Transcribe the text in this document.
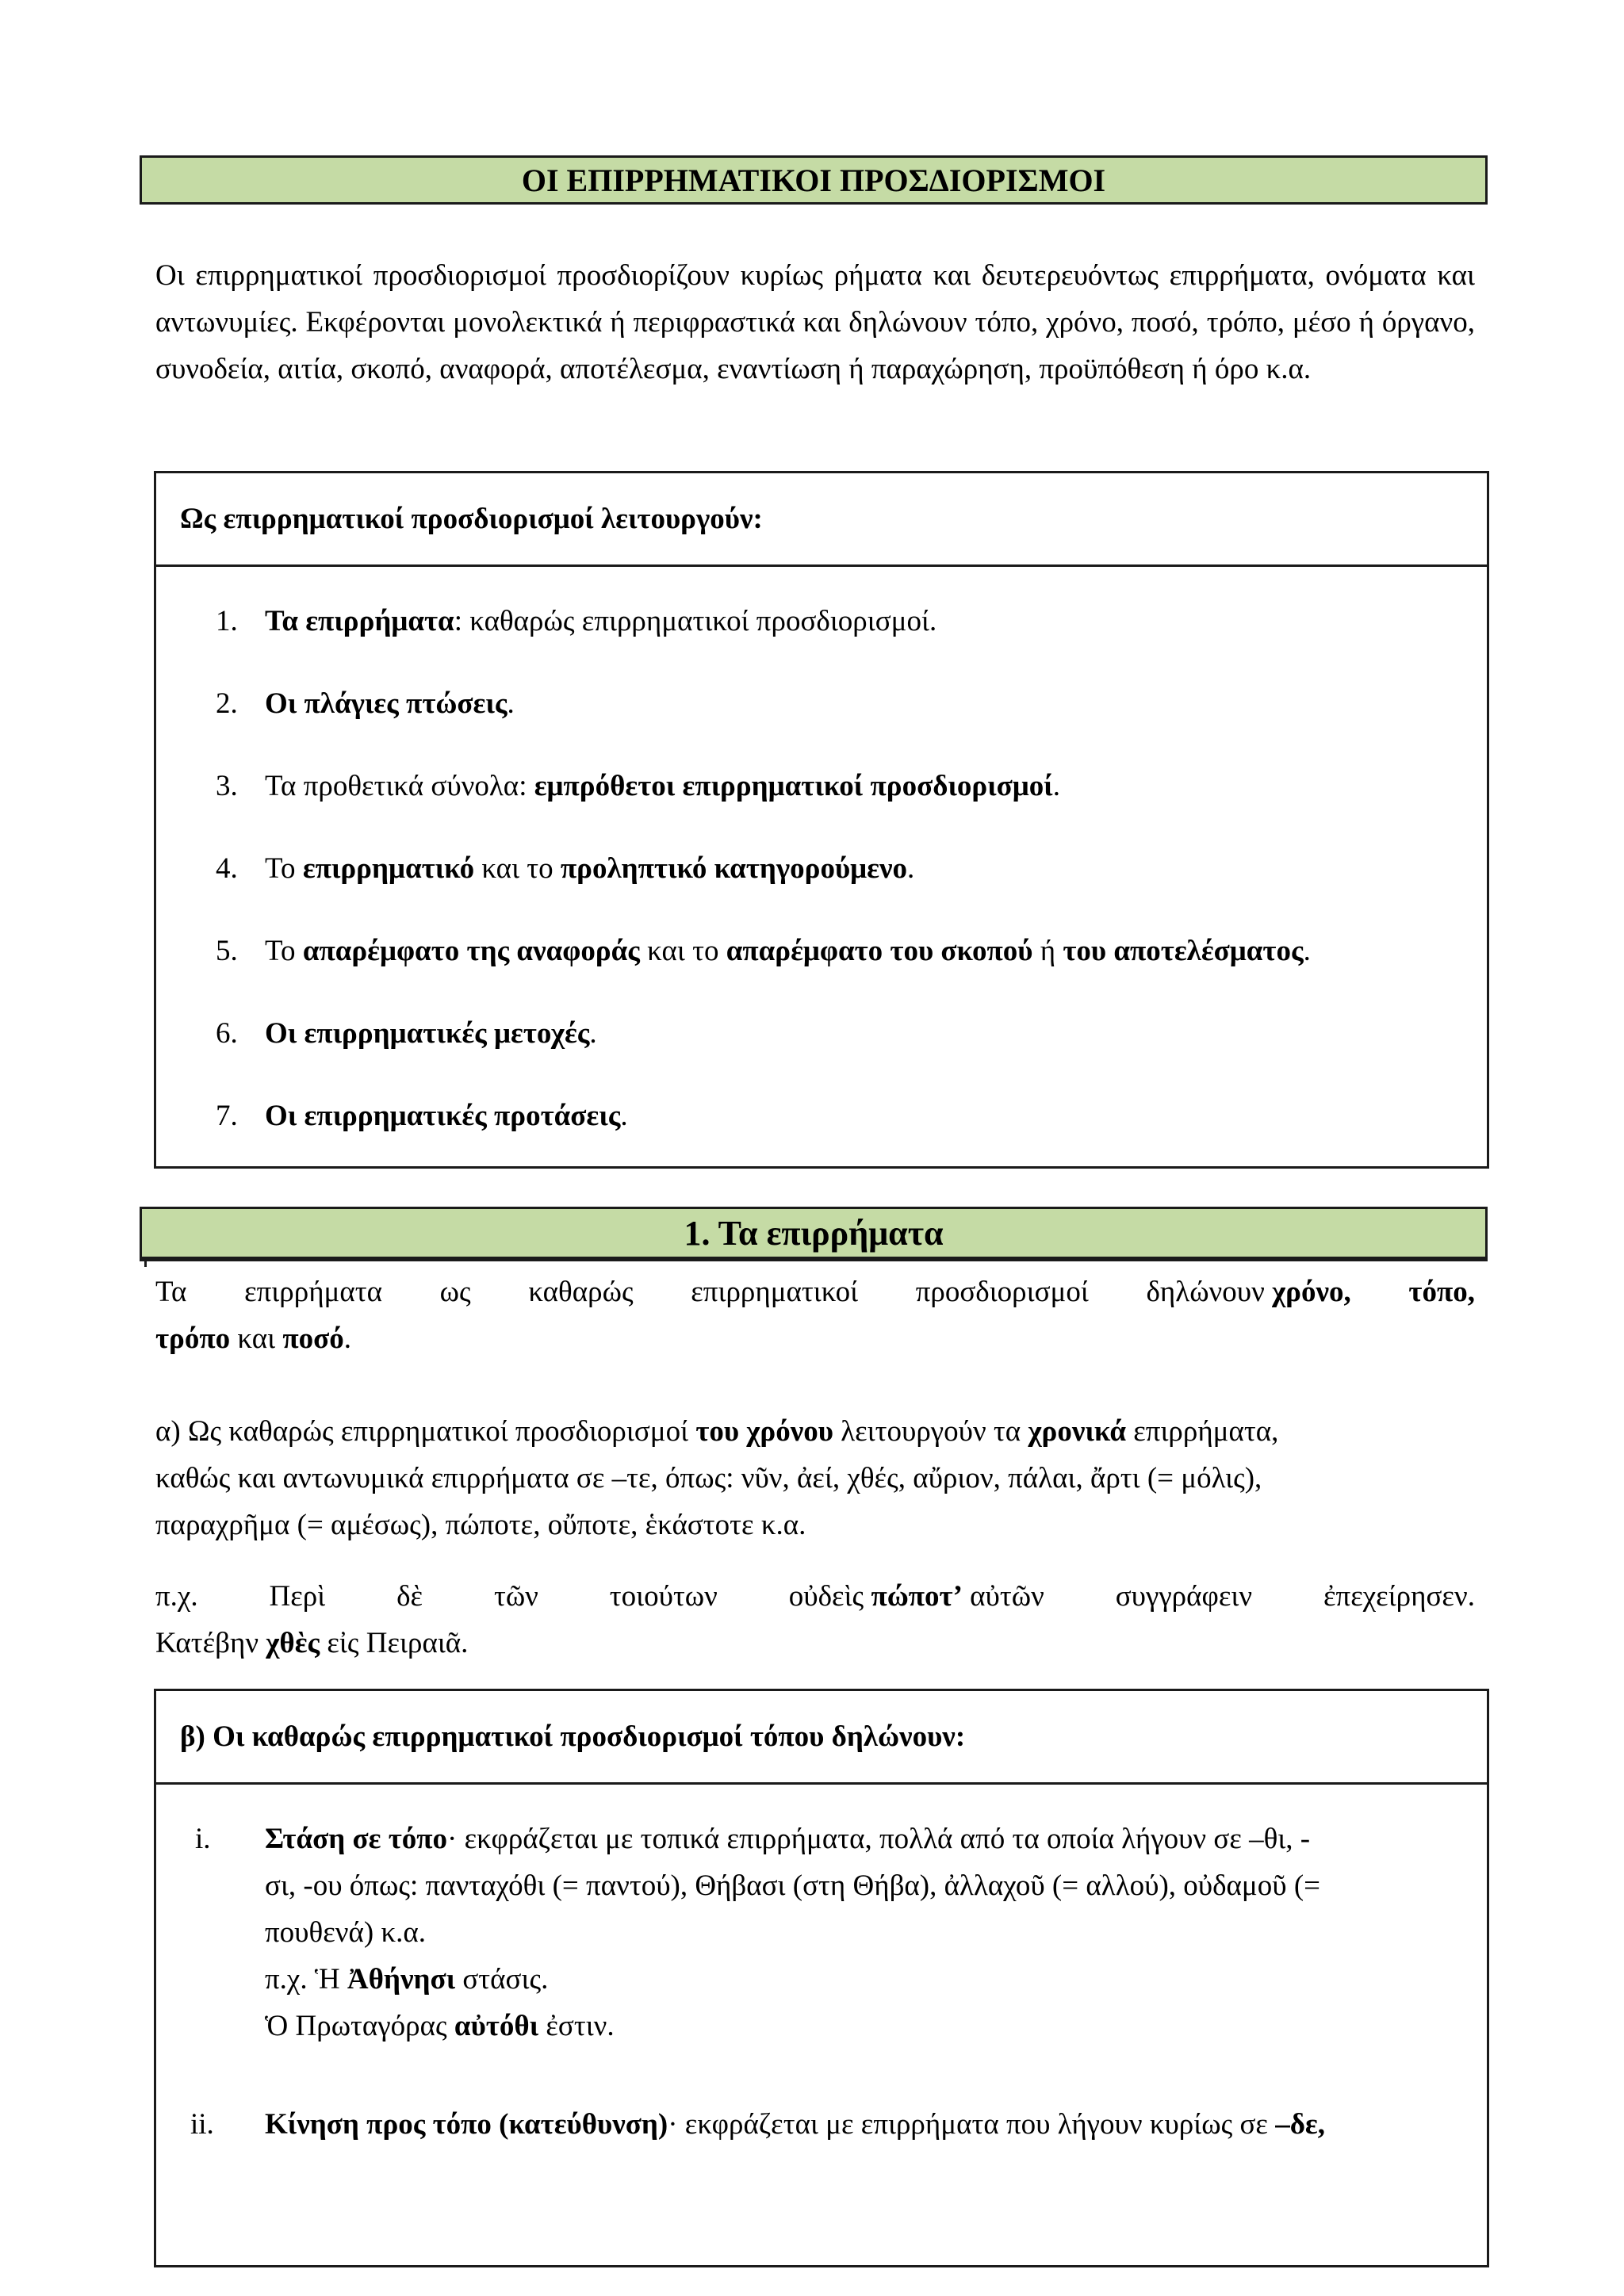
ΟΙ ΕΠΙΡΡΗΜΑΤΙΚΟΙ ΠΡΟΣΔΙΟΡΙΣΜΟΙ
Οι επιρρηματικοί προσδιορισμοί προσδιορίζουν κυρίως ρήματα και δευτερευόντως επιρρήματα, ονόματα και αντωνυμίες. Εκφέρονται μονολεκτικά ή περιφραστικά και δηλώνουν τόπο, χρόνο, ποσό, τρόπο, μέσο ή όργανο, συνοδεία, αιτία, σκοπό, αναφορά, αποτέλεσμα, εναντίωση ή παραχώρηση, προϋπόθεση ή όρο κ.α.
Ως επιρρηματικοί προσδιορισμοί λειτουργούν:
1. Τα επιρρήματα: καθαρώς επιρρηματικοί προσδιορισμοί.
2. Οι πλάγιες πτώσεις.
3. Τα προθετικά σύνολα: εμπρόθετοι επιρρηματικοί προσδιορισμοί.
4. Το επιρρηματικό και το προληπτικό κατηγορούμενο.
5. Το απαρέμφατο της αναφοράς και το απαρέμφατο του σκοπού ή του αποτελέσματος.
6. Οι επιρρηματικές μετοχές.
7. Οι επιρρηματικές προτάσεις.
1. Τα επιρρήματα
Τα επιρρήματα ως καθαρώς επιρρηματικοί προσδιορισμοί δηλώνουν χρόνο, τόπο,
τρόπο και ποσό.
α) Ως καθαρώς επιρρηματικοί προσδιορισμοί του χρόνου λειτουργούν τα χρονικά επιρρήματα,
καθώς και αντωνυμικά επιρρήματα σε –τε, όπως: νῦν, ἀεί, χθές, αὔριον, πάλαι, ἄρτι (= μόλις),
παραχρῆμα (= αμέσως), πώποτε, οὔποτε, ἑκάστοτε κ.α.
π.χ. Περὶ δὲ τῶν τοιούτων οὐδεὶς πώποτ’ αὐτῶν συγγράφειν ἐπεχείρησεν.
Κατέβην χθὲς εἰς Πειραιᾶ.
β) Οι καθαρώς επιρρηματικοί προσδιορισμοί τόπου δηλώνουν:
i. Στάση σε τόπο· εκφράζεται με τοπικά επιρρήματα, πολλά από τα οποία λήγουν σε –θι, -
σι, -ου όπως: πανταχόθι (= παντού), Θήβασι (στη Θήβα), ἀλλαχοῦ (= αλλού), οὐδαμοῦ (=
πουθενά) κ.α.
π.χ. Ἡ Ἀθήνησι στάσις.
Ὁ Πρωταγόρας αὐτόθι ἐστιν.
ii. Κίνηση προς τόπο (κατεύθυνση)· εκφράζεται με επιρρήματα που λήγουν κυρίως σε –δε,
